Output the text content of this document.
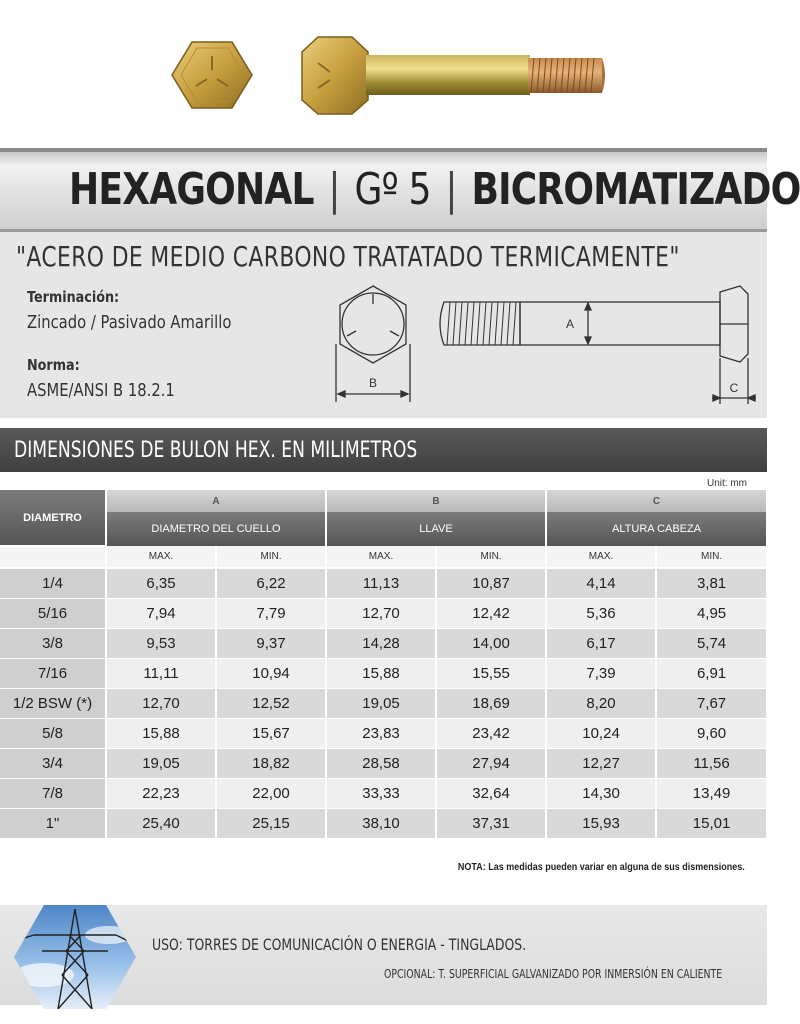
HEXAGONAL | Gº 5 | BICROMATIZADO
"ACERO DE MEDIO CARBONO TRATATADO TERMICAMENTE"
Terminación:
Zincado / Pasivado Amarillo
Norma:
ASME/ANSI B 18.2.1	B
A
C
DIMENSIONES DE BULON HEX. EN MILIMETROS
Unit: mm
DIAMETRO	A		B		C	
	DIAMETRO DEL CUELLO		LLAVE		ALTURA CABEZA	
	MAX.	MIN.	MAX.	MIN.	MAX.	MIN.
1/4	6,35	6,22	11,13	10,87	4,14	3,81
5/16	7,94	7,79	12,70	12,42	5,36	4,95
3/8	9,53	9,37	14,28	14,00	6,17	5,74
7/16	11,11	10,94	15,88	15,55	7,39	6,91
1/2 BSW (*)	12,70	12,52	19,05	18,69	8,20	7,67
5/8	15,88	15,67	23,83	23,42	10,24	9,60
3/4	19,05	18,82	28,58	27,94	12,27	11,56
7/8	22,23	22,00	33,33	32,64	14,30	13,49
1"	25,40	25,15	38,10	37,31	15,93	15,01
NOTA: Las medidas pueden variar en alguna de sus dismensiones.
USO: TORRES DE COMUNICACIÓN O ENERGIA - TINGLADOS.
OPCIONAL: T. SUPERFICIAL GALVANIZADO POR INMERSIÓN EN CALIENTE
